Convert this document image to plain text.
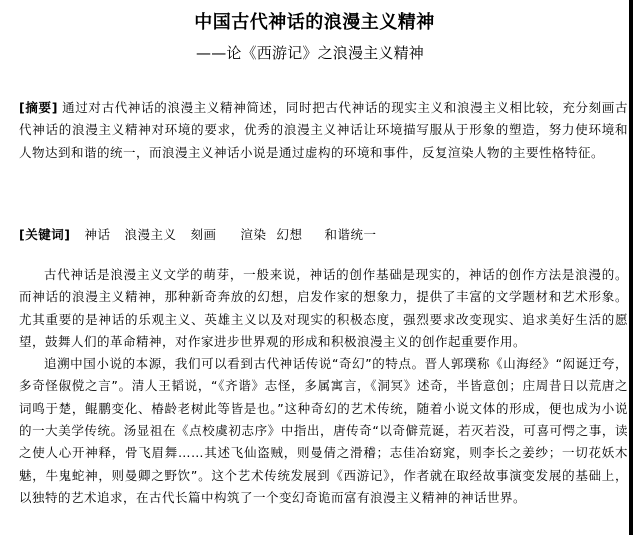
中国古代神话的浪漫主义精神
——论《西游记》之浪漫主义精神
[摘要] 通过对古代神话的浪漫主义精神简述，同时把古代神话的现实主义和浪漫主义相比较，充分刻画古代神话的浪漫主义精神对环境的要求，优秀的浪漫主义神话让环境描写服从于形象的塑造，努力使环境和人物达到和谐的统一，而浪漫主义神话小说是通过虚构的环境和事件，反复渲染人物的主要性格特征。
[关键词] 神话 浪漫主义 刻画 渲染 幻想 和谐统一

古代神话是浪漫主义文学的萌芽，一般来说，神话的创作基础是现实的，神话的创作方法是浪漫的。而神话的浪漫主义精神，那种新奇奔放的幻想，启发作家的想象力，提供了丰富的文学题材和艺术形象。尤其重要的是神话的乐观主义、英雄主义以及对现实的积极态度，强烈要求改变现实、追求美好生活的愿望，鼓舞人们的革命精神，对作家进步世界观的形成和积极浪漫主义的创作起重要作用。

追溯中国小说的本源，我们可以看到古代神话传说“奇幻”的特点。晋人郭璞称《山海经》“闳诞迂夸，多奇怪俶傥之言”。清人王韬说，“《齐谐》志怪，多属寓言，《洞冥》述奇，半皆意创；庄周昔日以荒唐之词鸣于楚，鲲鹏变化、椿龄老树此等皆是也。”这种奇幻的艺术传统，随着小说文体的形成，便也成为小说的一大美学传统。汤显祖在《点校虞初志序》中指出，唐传奇“以奇僻荒诞，若灭若没，可喜可愕之事，读之使人心开神释，骨飞眉舞……其述飞仙盗贼，则曼倩之滑稽；志佳冶窈窕，则李长之姜纱；一切花妖木魅，牛鬼蛇神，则曼卿之野饮”。这个艺术传统发展到《西游记》，作者就在取经故事演变发展的基础上，以独特的艺术追求，在古代长篇中构筑了一个变幻奇诡而富有浪漫主义精神的神话世界。
